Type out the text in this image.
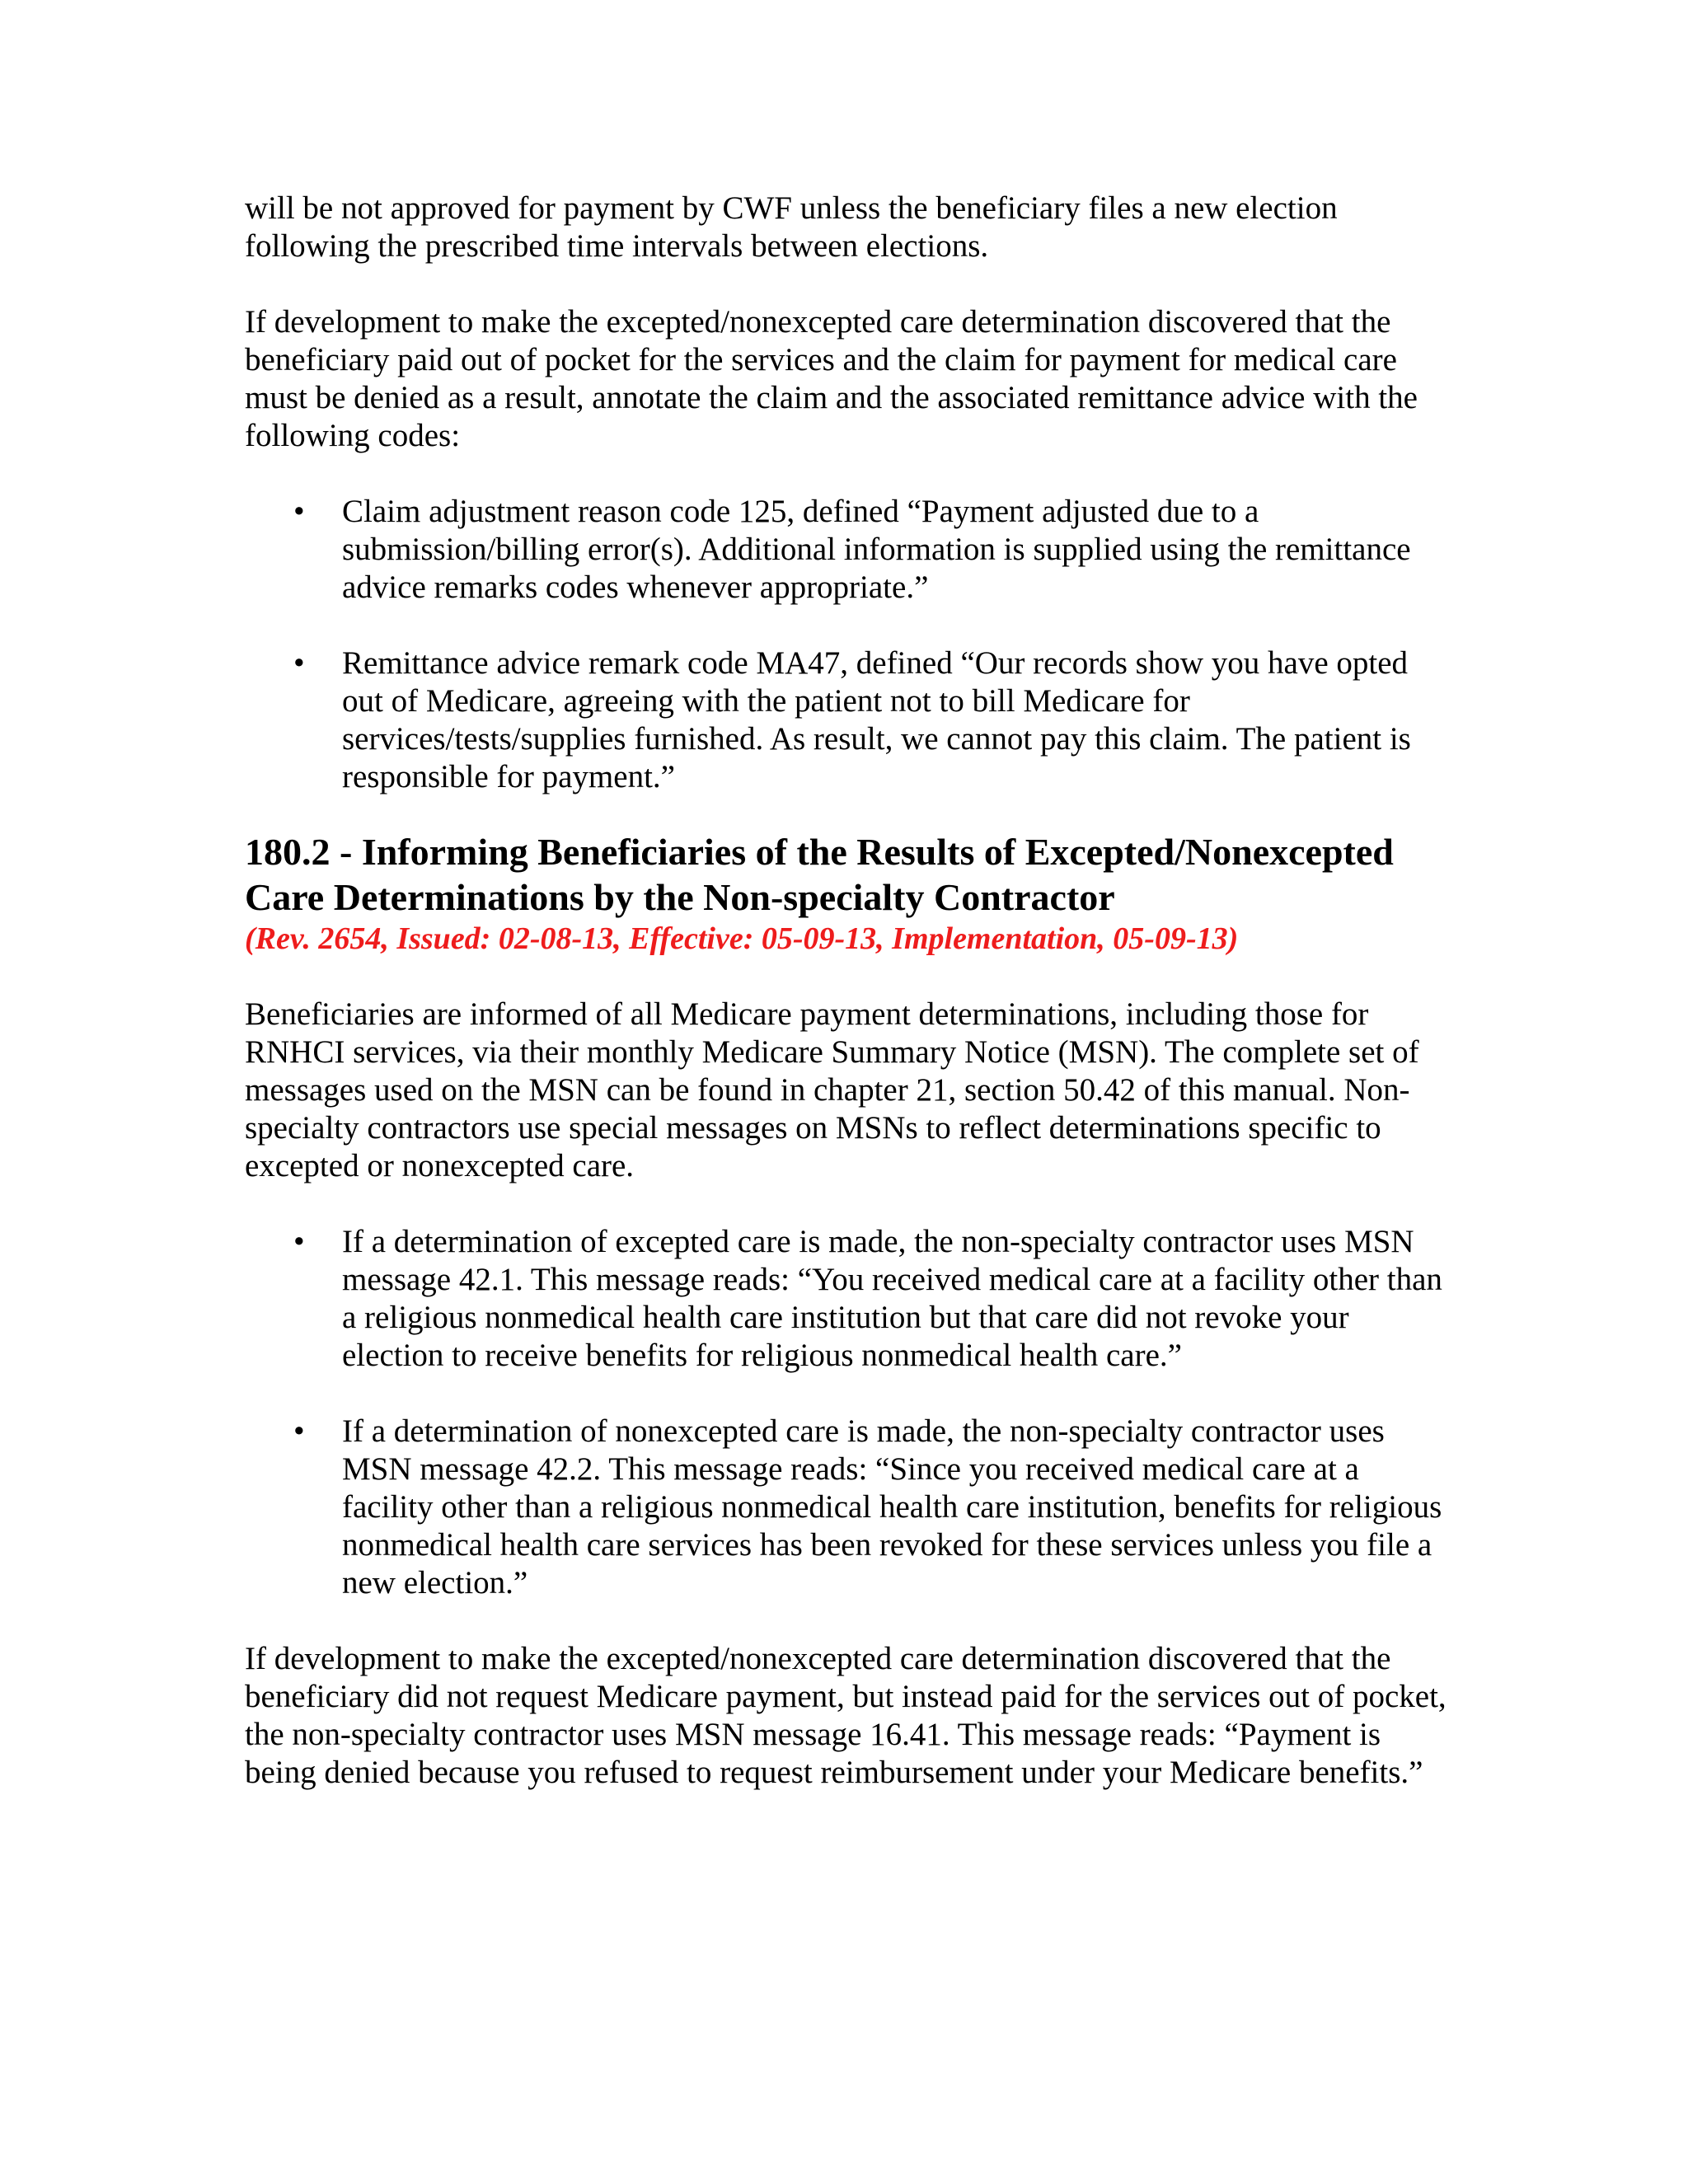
will be not approved for payment by CWF unless the beneficiary files a new election following the prescribed time intervals between elections.

If development to make the excepted/nonexcepted care determination discovered that the beneficiary paid out of pocket for the services and the claim for payment for medical care must be denied as a result, annotate the claim and the associated remittance advice with the following codes:

•	Claim adjustment reason code 125, defined “Payment adjusted due to a submission/billing error(s). Additional information is supplied using the remittance advice remarks codes whenever appropriate.”
•	Remittance advice remark code MA47, defined “Our records show you have opted out of Medicare, agreeing with the patient not to bill Medicare for services/tests/supplies furnished. As result, we cannot pay this claim. The patient is responsible for payment.”
180.2 - Informing Beneficiaries of the Results of Excepted/Nonexcepted Care Determinations by the Non-specialty Contractor

(Rev. 2654, Issued: 02-08-13, Effective: 05-09-13, Implementation, 05-09-13)

Beneficiaries are informed of all Medicare payment determinations, including those for RNHCI services, via their monthly Medicare Summary Notice (MSN). The complete set of messages used on the MSN can be found in chapter 21, section 50.42 of this manual. Non-specialty contractors use special messages on MSNs to reflect determinations specific to excepted or nonexcepted care.

•	If a determination of excepted care is made, the non-specialty contractor uses MSN message 42.1. This message reads: “You received medical care at a facility other than a religious nonmedical health care institution but that care did not revoke your election to receive benefits for religious nonmedical health care.”
•	If a determination of nonexcepted care is made, the non-specialty contractor uses MSN message 42.2. This message reads: “Since you received medical care at a facility other than a religious nonmedical health care institution, benefits for religious nonmedical health care services has been revoked for these services unless you file a new election.”

If development to make the excepted/nonexcepted care determination discovered that the beneficiary did not request Medicare payment, but instead paid for the services out of pocket, the non-specialty contractor uses MSN message 16.41. This message reads: “Payment is being denied because you refused to request reimbursement under your Medicare benefits.”
